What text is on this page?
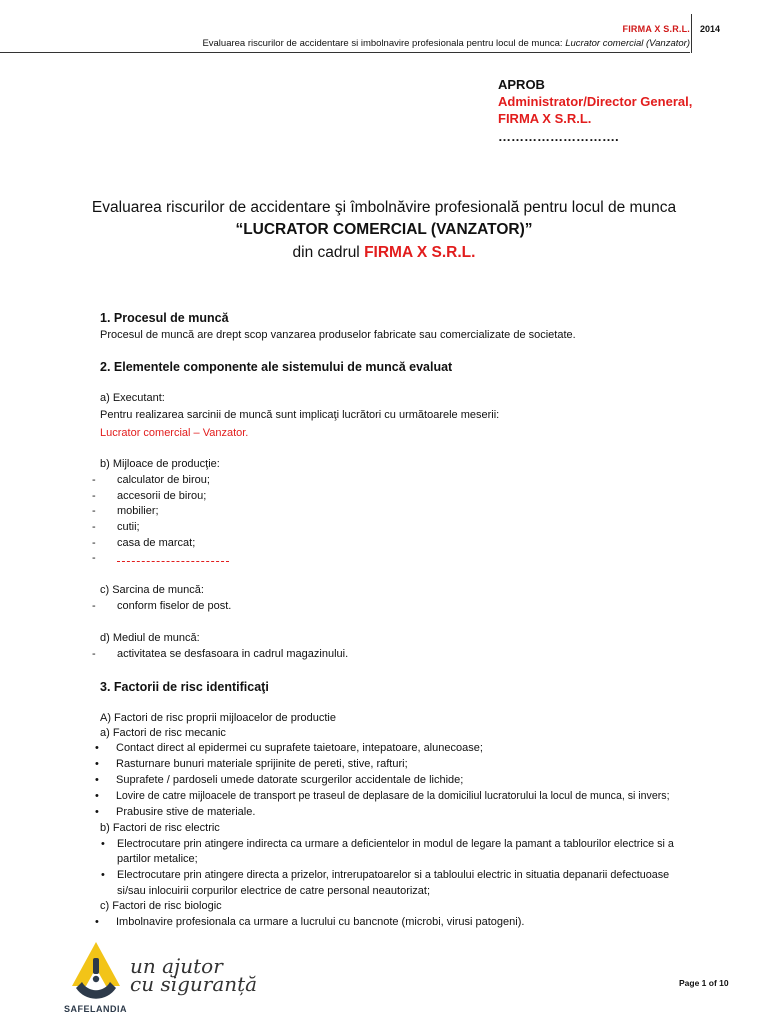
FIRMA X S.R.L.
Evaluarea riscurilor de accidentare si imbolnavire profesionala pentru locul de munca: Lucrator comercial (Vanzator)
2014
APROB
Administrator/Director General,
FIRMA X S.R.L.
……………………….
Evaluarea riscurilor de accidentare şi îmbolnăvire profesională pentru locul de munca
“LUCRATOR COMERCIAL (VANZATOR)”
din cadrul FIRMA X S.R.L.
1. Procesul de muncă
Procesul de muncă are drept scop vanzarea produselor fabricate sau comercializate de societate.
2. Elementele componente ale sistemului de muncă evaluat
a) Executant:
Pentru realizarea sarcinii de muncă sunt implicaţi lucrători cu următoarele meserii:
Lucrator comercial – Vanzator.
b) Mijloace de producţie:
- calculator de birou;
- accesorii de birou;
- mobilier;
- cutii;
- casa de marcat;
-
c) Sarcina de muncă:
- conform fiselor de post.
d) Mediul de muncă:
- activitatea se desfasoara in cadrul magazinului.
3. Factorii de risc identificaţi
A) Factori de risc proprii mijloacelor de productie
a) Factori de risc mecanic
• Contact direct al epidermei cu suprafete taietoare, intepatoare, alunecoase;
• Rasturnare bunuri materiale sprijinite de pereti, stive, rafturi;
• Suprafete / pardoseli umede datorate scurgerilor accidentale de lichide;
• Lovire de catre mijloacele de transport pe traseul de deplasare de la domiciliul lucratorului la locul de munca, si invers;
• Prabusire stive de materiale.
b) Factori de risc electric
• Electrocutare prin atingere indirecta ca urmare a deficientelor in modul de legare la pamant a tablourilor electrice si a
partilor metalice;
• Electrocutare prin atingere directa a prizelor, intrerupatoarelor si a tabloului electric in situatia depanarii defectuoase
si/sau inlocuirii corpurilor electrice de catre personal neautorizat;
c) Factori de risc biologic
• Imbolnavire profesionala ca urmare a lucrului cu bancnote (microbi, virusi patogeni).
SAFELANDIA
un ajutor
cu siguranță	Page 1 of 10
